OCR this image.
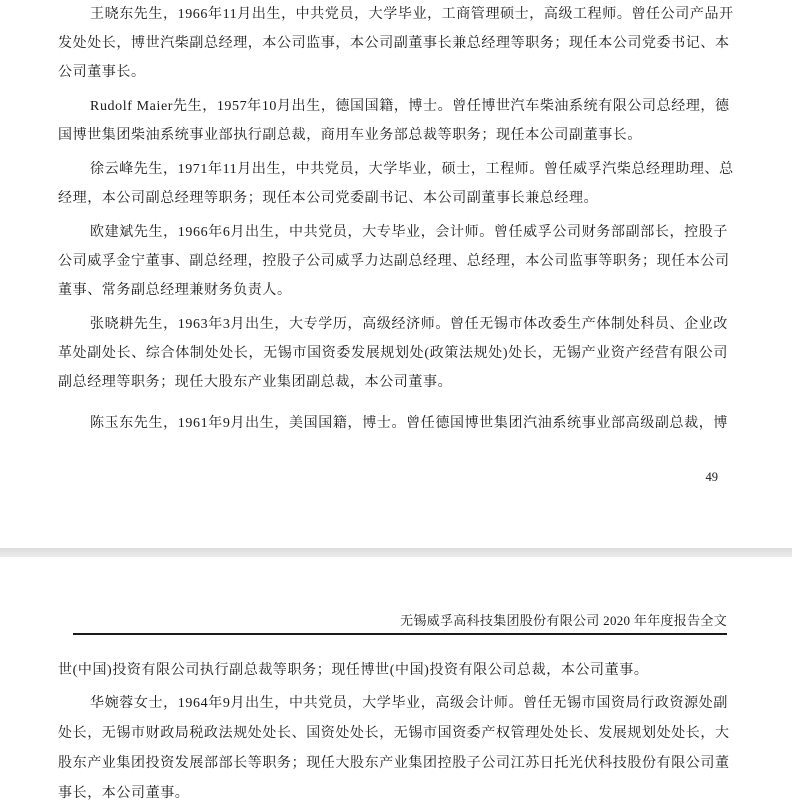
王晓东先生，1966年11月出生，中共党员，大学毕业，工商管理硕士，高级工程师。曾任公司产品开
发处处长，博世汽柴副总经理，本公司监事，本公司副董事长兼总经理等职务；现任本公司党委书记、本
公司董事长。
Rudolf Maier先生，1957年10月出生，德国国籍，博士。曾任博世汽车柴油系统有限公司总经理，德
国博世集团柴油系统事业部执行副总裁，商用车业务部总裁等职务；现任本公司副董事长。
徐云峰先生，1971年11月出生，中共党员，大学毕业，硕士，工程师。曾任威孚汽柴总经理助理、总
经理，本公司副总经理等职务；现任本公司党委副书记、本公司副董事长兼总经理。
欧建斌先生，1966年6月出生，中共党员，大专毕业，会计师。曾任威孚公司财务部副部长，控股子
公司威孚金宁董事、副总经理，控股子公司威孚力达副总经理、总经理，本公司监事等职务；现任本公司
董事、常务副总经理兼财务负责人。
张晓耕先生，1963年3月出生，大专学历，高级经济师。曾任无锡市体改委生产体制处科员、企业改
革处副处长、综合体制处处长，无锡市国资委发展规划处(政策法规处)处长，无锡产业资产经营有限公司
副总经理等职务；现任大股东产业集团副总裁，本公司董事。
陈玉东先生，1961年9月出生，美国国籍，博士。曾任德国博世集团汽油系统事业部高级副总裁，博
49
无锡威孚高科技集团股份有限公司 2020 年年度报告全文
世(中国)投资有限公司执行副总裁等职务；现任博世(中国)投资有限公司总裁，本公司董事。
华婉蓉女士，1964年9月出生，中共党员，大学毕业，高级会计师。曾任无锡市国资局行政资源处副
处长，无锡市财政局税政法规处处长、国资处处长，无锡市国资委产权管理处处长、发展规划处处长，大
股东产业集团投资发展部部长等职务；现任大股东产业集团控股子公司江苏日托光伏科技股份有限公司董
事长，本公司董事。
